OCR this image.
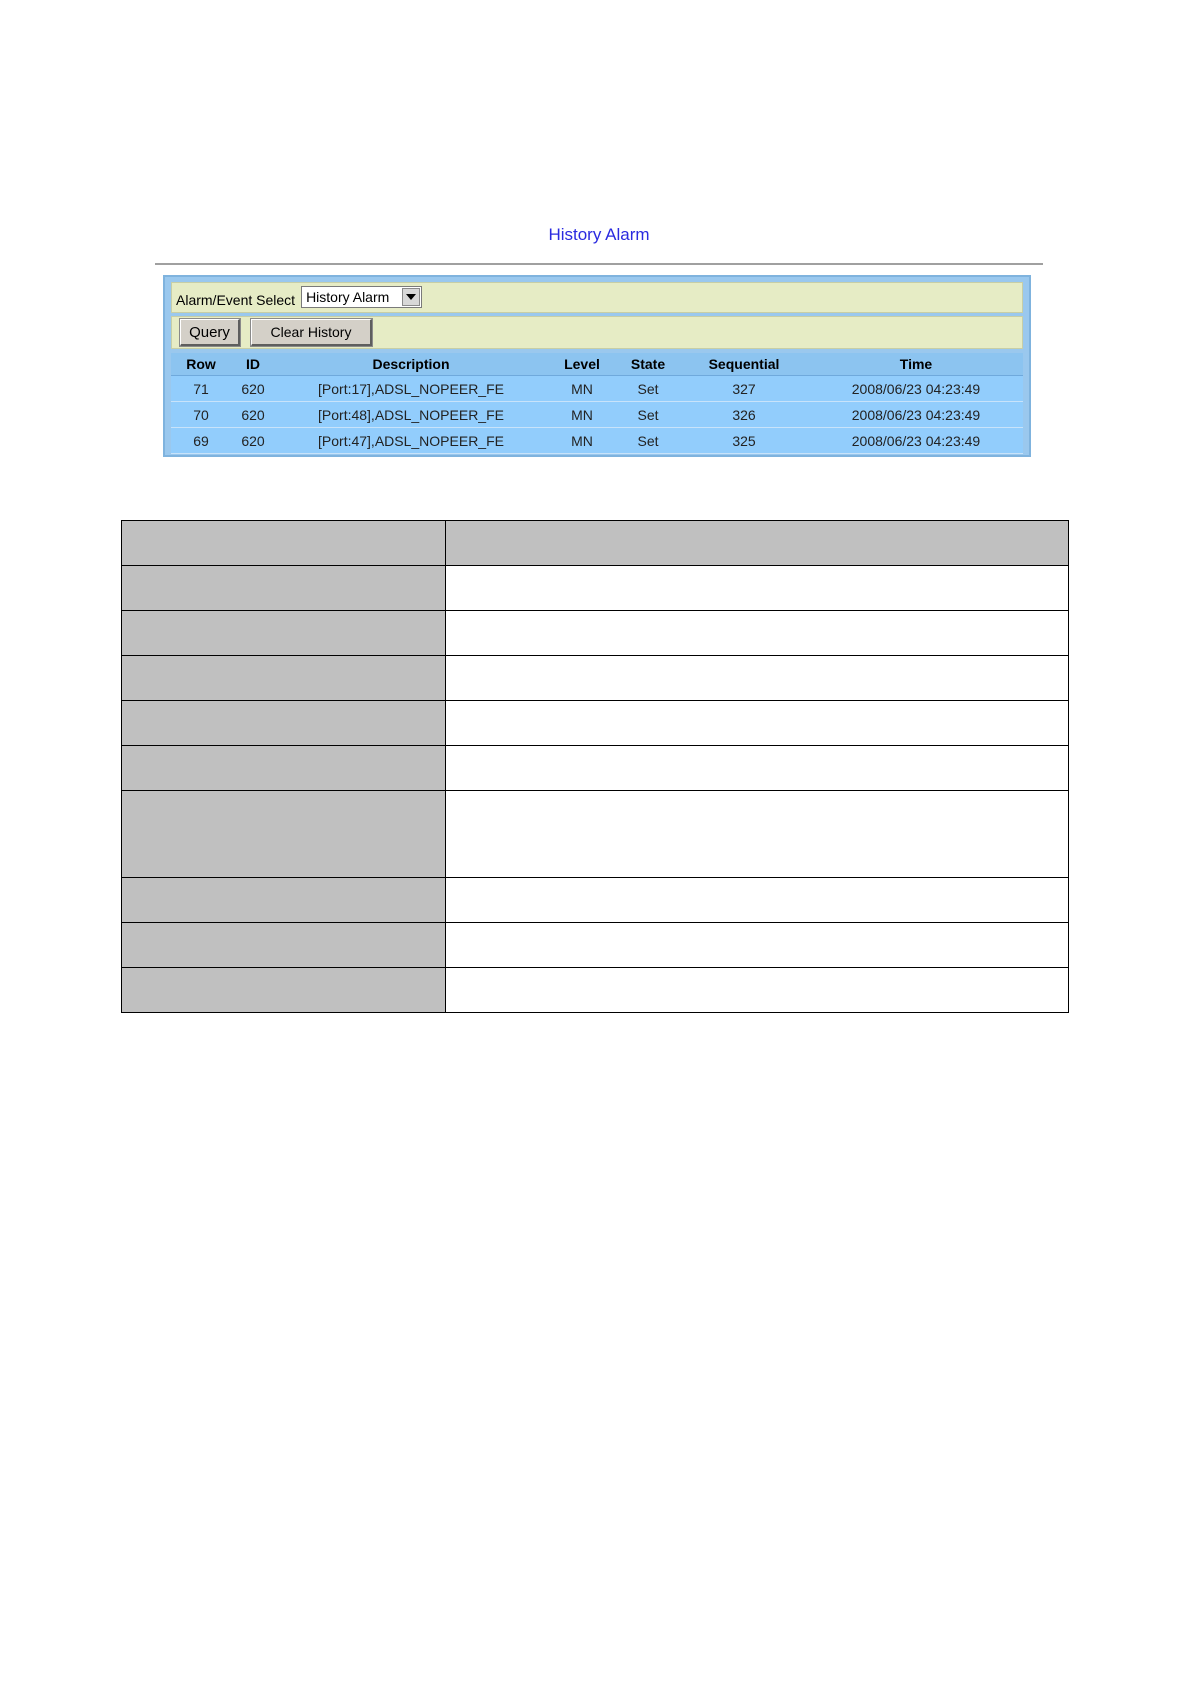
History Alarm
Alarm/Event Select History Alarm
Query	Clear History
Row	ID	Description	Level	State	Sequential	Time
71	620	[Port:17],ADSL_NOPEER_FE	MN	Set	327	2008/06/23 04:23:49
70	620	[Port:48],ADSL_NOPEER_FE	MN	Set	326	2008/06/23 04:23:49
69	620	[Port:47],ADSL_NOPEER_FE	MN	Set	325	2008/06/23 04:23:49
